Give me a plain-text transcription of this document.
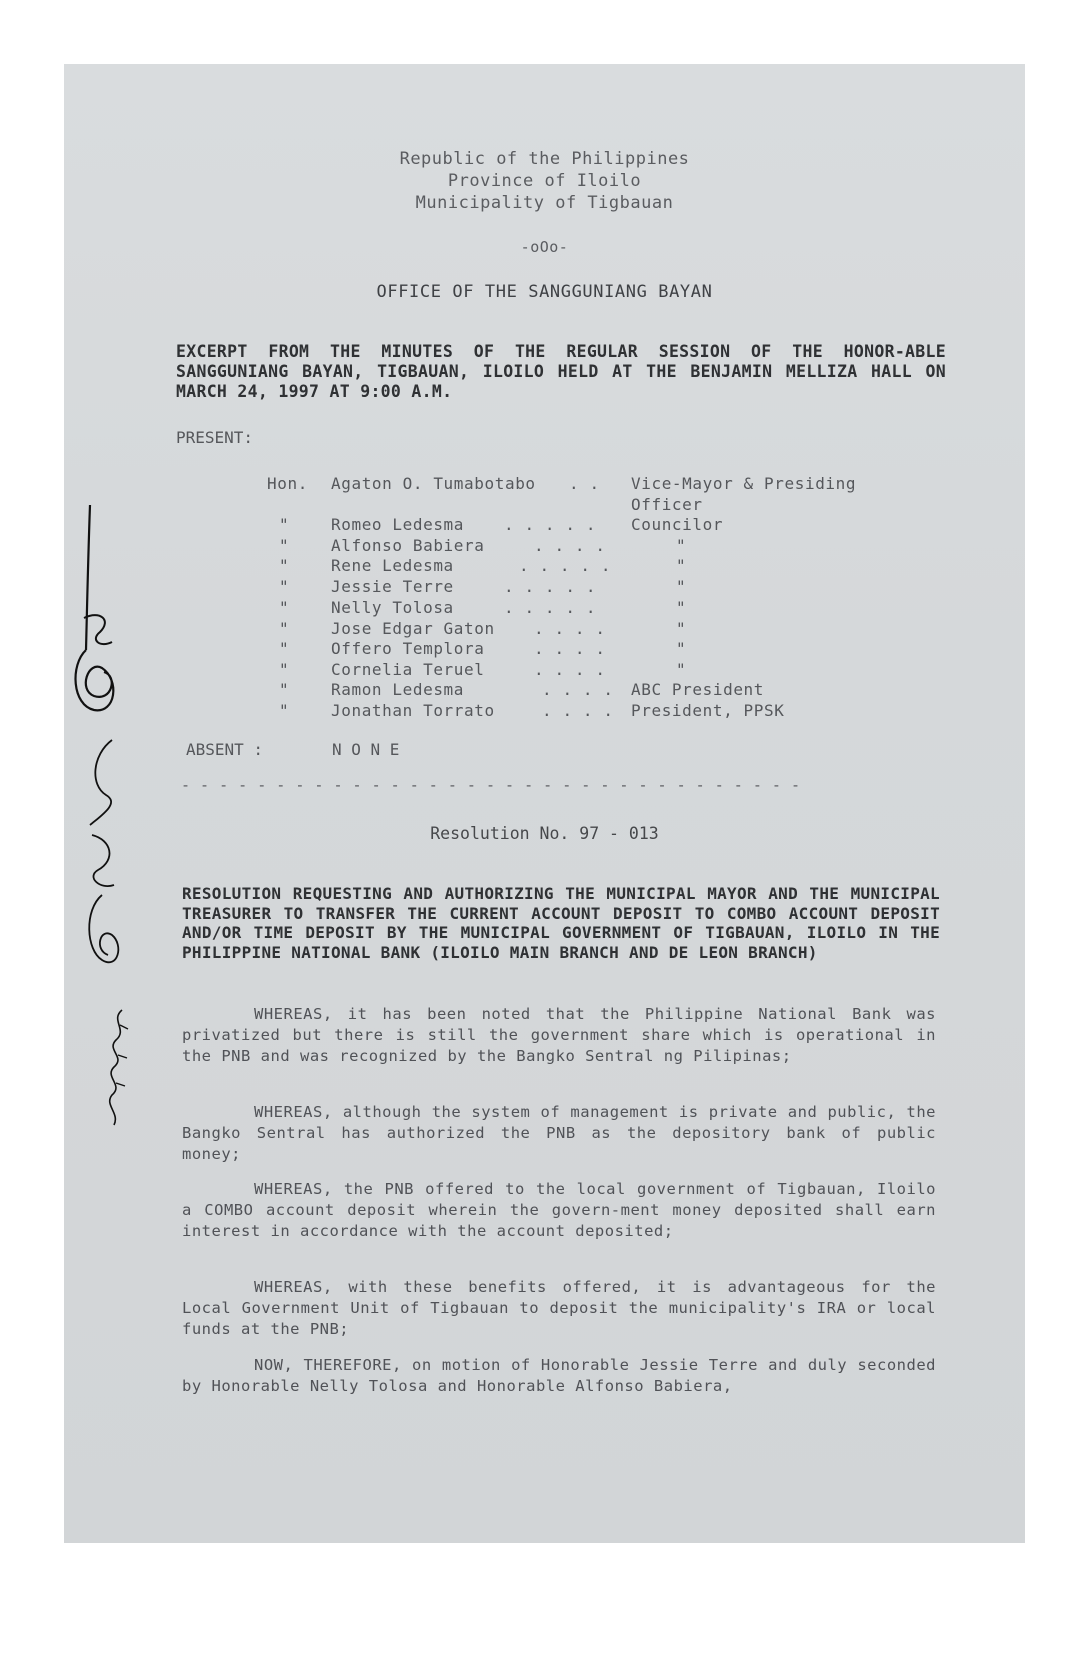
Republic of the Philippines
Province of Iloilo
Municipality of Tigbauan
-oOo-
OFFICE OF THE SANGGUNIANG BAYAN
EXCERPT FROM THE MINUTES OF THE REGULAR SESSION OF THE HONOR-ABLE SANGGUNIANG BAYAN, TIGBAUAN, ILOILO HELD AT THE BENJAMIN MELLIZA HALL ON MARCH 24, 1997 AT 9:00 A.M.
PRESENT:
Hon. Agaton O. Tumabotabo . . Vice-Mayor & Presiding
Officer
"	Romeo Ledesma . . . . . Councilor
"	Alfonso Babiera	. . . .	"
"	Rene Ledesma	. . . . .	"
"	Jessie Terre	. . . . .	"
"	Nelly Tolosa	. . . . .	"
"	Jose Edgar Gaton . . . .	"
"	Offero Templora	. . . .	"
"	Cornelia Teruel	. . . .	"
"	Ramon Ledesma	. . . . ABC President
"	Jonathan Torrato	. . . . President, PPSK
ABSENT :	N O N E
- - - - - - - - - - - - - - - - - - - - - - - - - - - - - - - - -
Resolution No. 97 - 013
RESOLUTION REQUESTING AND AUTHORIZING THE MUNICIPAL MAYOR AND THE MUNICIPAL TREASURER TO TRANSFER THE CURRENT ACCOUNT DEPOSIT TO COMBO ACCOUNT DEPOSIT AND/OR TIME DEPOSIT BY THE MUNICIPAL GOVERNMENT OF TIGBAUAN, ILOILO IN THE PHILIPPINE NATIONAL BANK (ILOILO MAIN BRANCH AND DE LEON BRANCH)
WHEREAS, it has been noted that the Philippine National Bank was privatized but there is still the government share which is operational in the PNB and was recognized by the Bangko Sentral ng Pilipinas;
WHEREAS, although the system of management is private and public, the Bangko Sentral has authorized the PNB as the depository bank of public money;
WHEREAS, the PNB offered to the local government of Tigbauan, Iloilo a COMBO account deposit wherein the govern-ment money deposited shall earn interest in accordance with the account deposited;
WHEREAS, with these benefits offered, it is advantageous for the Local Government Unit of Tigbauan to deposit the municipality's IRA or local funds at the PNB;
NOW, THEREFORE, on motion of Honorable Jessie Terre and duly seconded by Honorable Nelly Tolosa and Honorable Alfonso Babiera,
